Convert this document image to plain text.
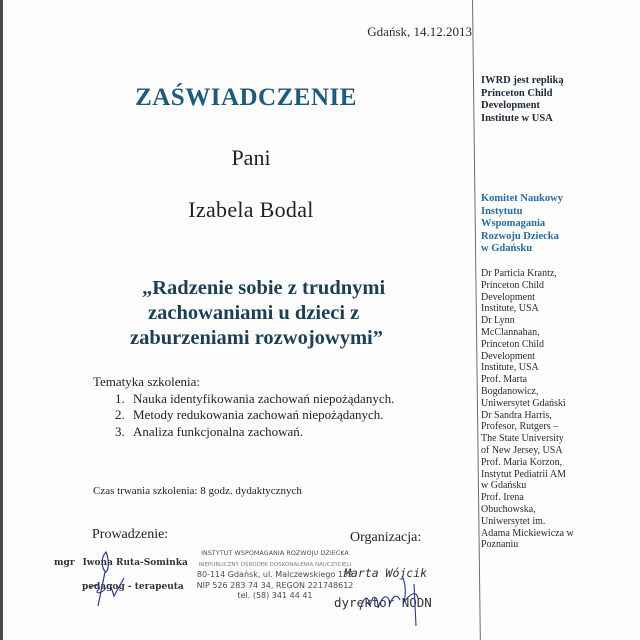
Gdańsk, 14.12.2013
ZAŚWIADCZENIE
Pani
Izabela Bodal
„Radzenie sobie z trudnymi
zachowaniami u dzieci z
zaburzeniami rozwojowymi”
Tematyka szkolenia:
1. Nauka identyfikowania zachowań niepożądanych.
2. Metody redukowania zachowań niepożądanych.
3. Analiza funkcjonalna zachowań.
Czas trwania szkolenia: 8 godz. dydaktycznych
Prowadzenie:	Organizacja:
mgr Iwona Ruta-Sominka
pedagog - terapeuta
INSTYTUT WSPOMAGANIA ROZWOJU DZIECKA
NIEPUBLICZNY OŚRODEK DOSKONALENIA NAUCZYCIELI
80-114 Gdańsk, ul. Malczewskiego 139
NIP 526 283 74 34, REGON 221748612
tel. (58) 341 44 41
Marta Wójcik
dyrektor NODN
IWRD jest repliką
Princeton Child
Development
Institute w USA
Komitet Naukowy
Instytutu
Wspomagania
Rozwoju Dziecka
w Gdańsku
Dr Particia Krantz,
Princeton Child
Development
Institute, USA
Dr Lynn
McClannahan,
Princeton Child
Development
Institute, USA
Prof. Marta
Bogdanowicz,
Uniwersytet Gdański
Dr Sandra Harris,
Profesor, Rutgers –
The State University
of New Jersey, USA
Prof. Maria Korzon,
Instytut Pediatrii AM
w Gdańsku
Prof. Irena
Obuchowska,
Uniwersytet im.
Adama Mickiewicza w
Poznaniu
